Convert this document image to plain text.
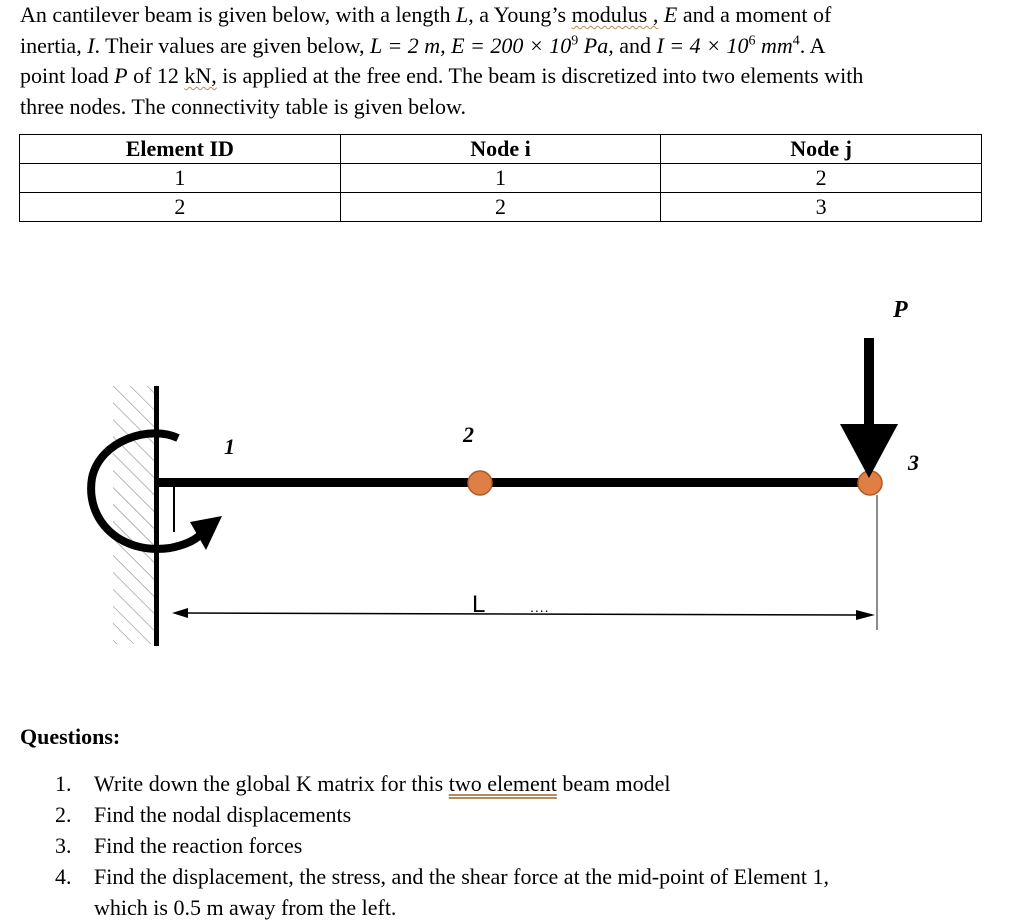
An cantilever beam is given below, with a length L, a Young’s modulus , E and a moment of
inertia, I. Their values are given below, L = 2 m, $E = 200 \times 10^9$ Pa, and $I = 4 \times 10^6$ $mm^4$. A
point load P of 12 kN, is applied at the free end. The beam is discretized into two elements with
three nodes. The connectivity table is given below.
Element ID	Node i	Node j
1	1	2
2	2	3
P
1	2
3
L	....
Questions:
1. Write down the global K matrix for this two element beam model
2. Find the nodal displacements
3. Find the reaction forces
4. Find the displacement, the stress, and the shear force at the mid-point of Element 1,
which is 0.5 m away from the left.
